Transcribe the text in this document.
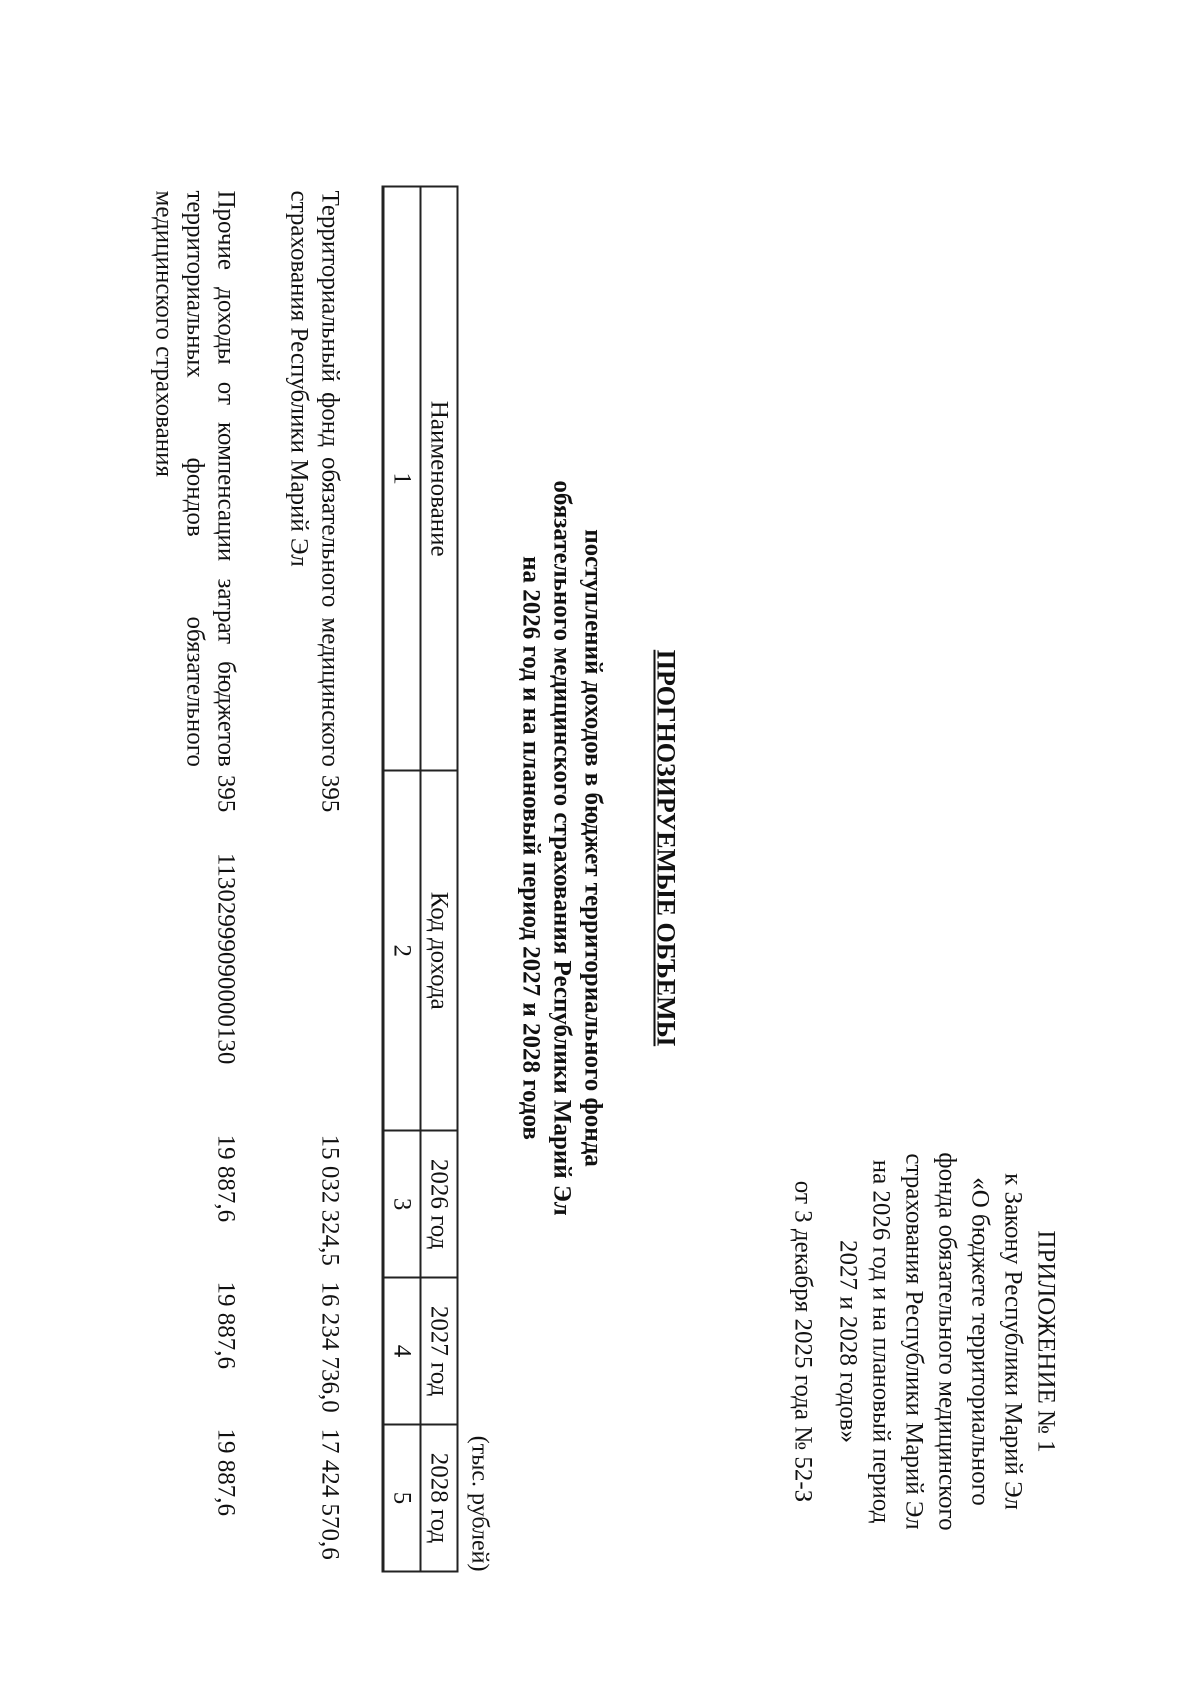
ПРИЛОЖЕНИЕ № 1
к Закону Республики Марий Эл
«О бюджете территориального
фонда обязательного медицинского
страхования Республики Марий Эл
на 2026 год и на плановый период
2027 и 2028 годов»
от 3 декабря 2025 года № 52-З
ПРОГНОЗИРУЕМЫЕ ОБЪЕМЫ
поступлений доходов в бюджет территориального фонда
обязательного медицинского страхования Республики Марий Эл
на 2026 год и на плановый период 2027 и 2028 годов
(тыс. рублей)
Наименование	Код дохода	2026 год	2027 год	2028 год
1	2	3	4	5
Территориальный фонд обязательного медицинского страхования Республики Марий Эл	395	15 032 324,5	16 234 736,0	17 424 570,6
Прочие доходы от компенсации затрат бюджетов территориальных фондов обязательного медицинского страхования	39511302999090000130	19 887,6	19 887,6	19 887,6
